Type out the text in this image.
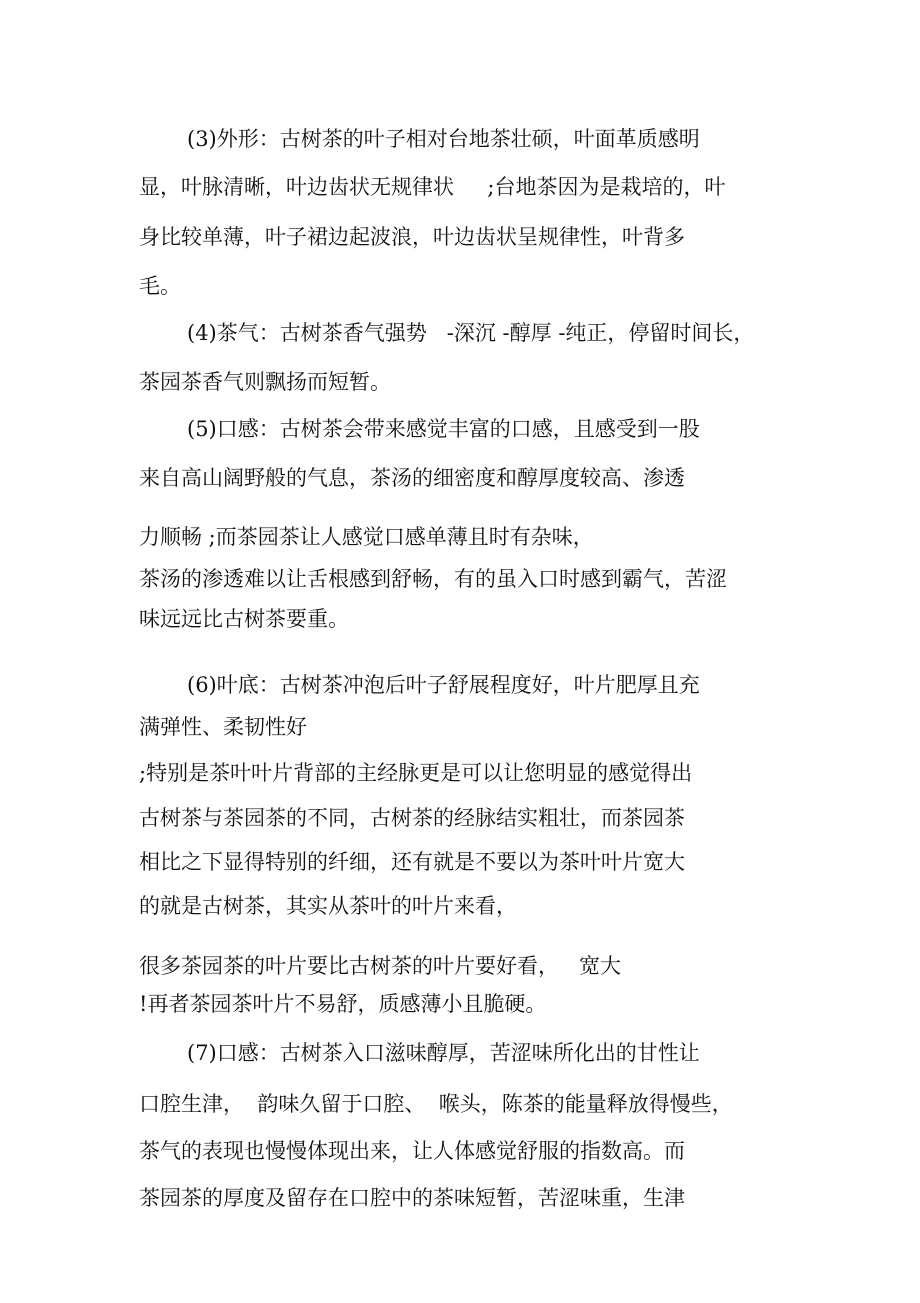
(3)外形：古树茶的叶子相对台地茶壮硕，叶面革质感明
显，叶脉清晰，叶边齿状无规律状     ;台地茶因为是栽培的，叶
身比较单薄，叶子裙边起波浪，叶边齿状呈规律性，叶背多
毛。
(4)茶气：古树茶香气强势   -深沉 -醇厚 -纯正，停留时间长，
茶园茶香气则飘扬而短暂。
(5)口感：古树茶会带来感觉丰富的口感，且感受到一股
来自高山阔野般的气息，茶汤的细密度和醇厚度较高、渗透
力顺畅 ;而茶园茶让人感觉口感单薄且时有杂味，
茶汤的渗透难以让舌根感到舒畅，有的虽入口时感到霸气，苦涩
味远远比古树茶要重。
(6)叶底：古树茶冲泡后叶子舒展程度好，叶片肥厚且充
满弹性、柔韧性好
;特别是茶叶叶片背部的主经脉更是可以让您明显的感觉得出
古树茶与茶园茶的不同，古树茶的经脉结实粗壮，而茶园茶
相比之下显得特别的纤细，还有就是不要以为茶叶叶片宽大
的就是古树茶，其实从茶叶的叶片来看，
很多茶园茶的叶片要比古树茶的叶片要好看，   宽大
!再者茶园茶叶片不易舒，质感薄小且脆硬。
(7)口感：古树茶入口滋味醇厚，苦涩味所化出的甘性让
口腔生津，  韵味久留于口腔、  喉头，陈茶的能量释放得慢些，
茶气的表现也慢慢体现出来，让人体感觉舒服的指数高。而
茶园茶的厚度及留存在口腔中的茶味短暂，苦涩味重，生津
